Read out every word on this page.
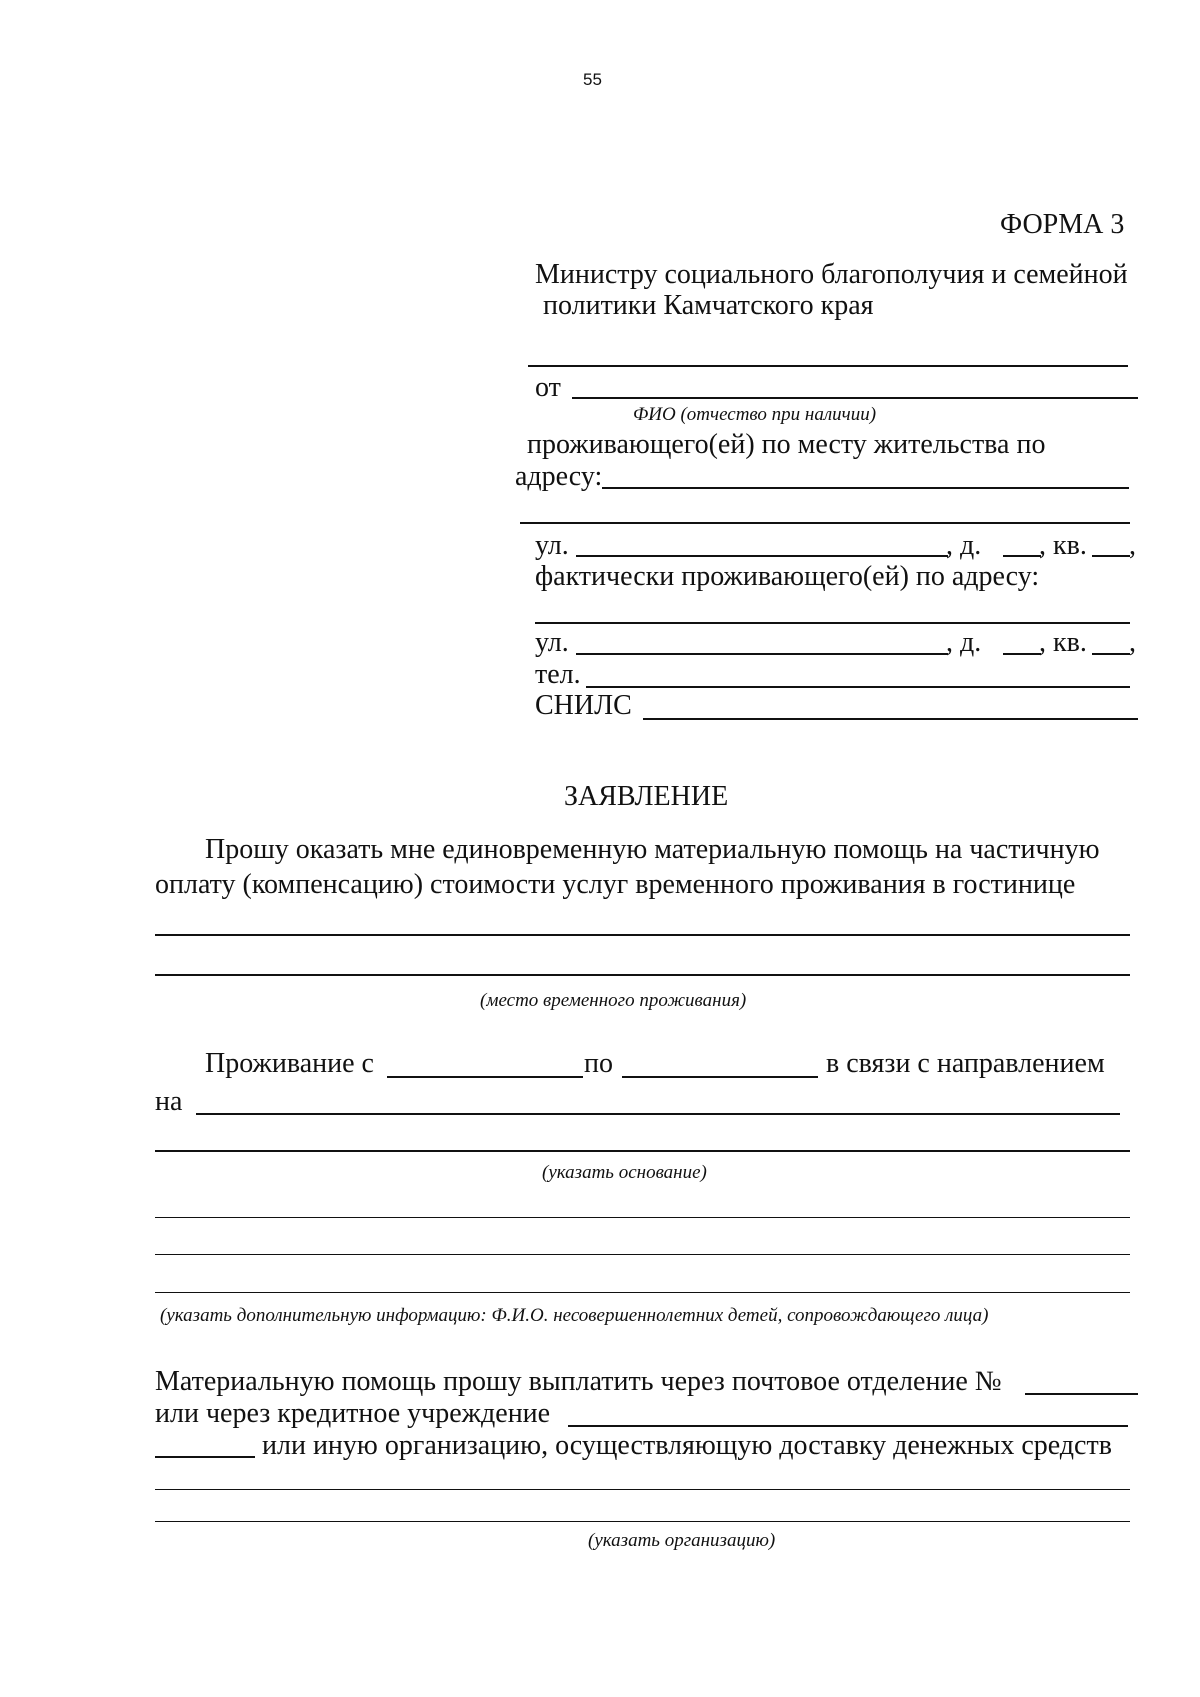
55
ФОРМА 3
Министру социального благополучия и семейной
политики Камчатского края
от
ФИО (отчество при наличии)
проживающего(ей) по месту жительства по
адресу:
ул.	, д. , кв. ,
фактически проживающего(ей) по адресу:
ул.	, д. , кв. ,
тел.
СНИЛС
ЗАЯВЛЕНИЕ
Прошу оказать мне единовременную материальную помощь на частичную
оплату (компенсацию) стоимости услуг временного проживания в гостинице
(место временного проживания)
Проживание с	по	в связи с направлением
на
(указать основание)
(указать дополнительную информацию: Ф.И.О. несовершеннолетних детей, сопровождающего лица)
Материальную помощь прошу выплатить через почтовое отделение №
или через кредитное учреждение
или иную организацию, осуществляющую доставку денежных средств
(указать организацию)
